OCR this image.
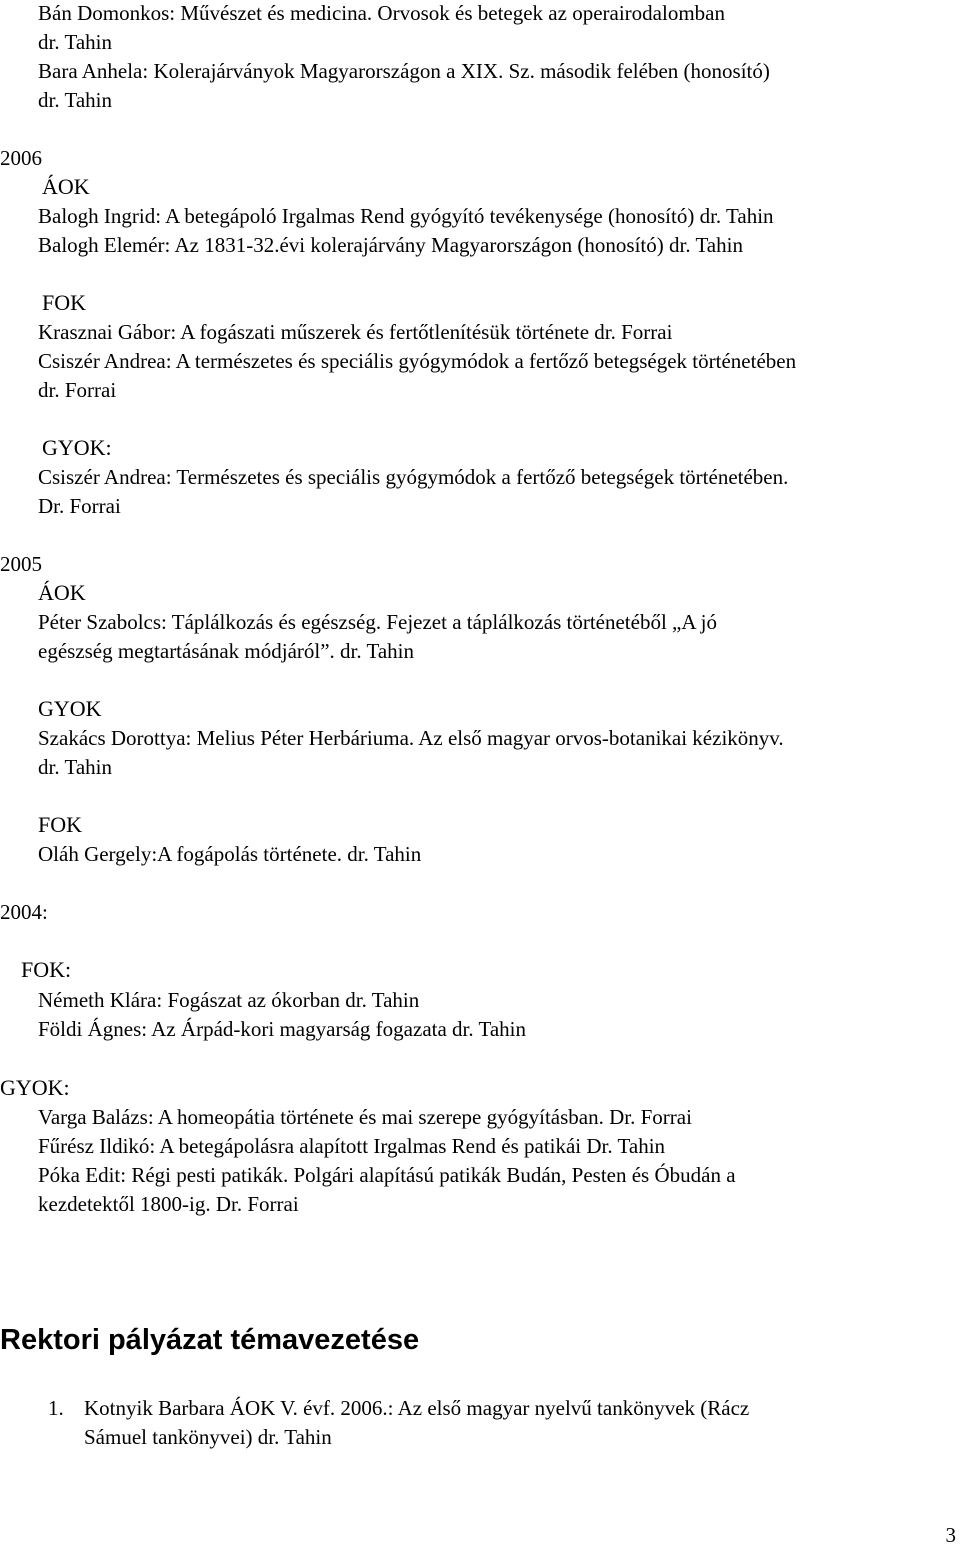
Bán Domonkos: Művészet és medicina. Orvosok és betegek az operairodalomban
dr. Tahin
Bara Anhela: Kolerajárványok Magyarországon a XIX. Sz. második felében (honosító)
dr. Tahin
2006
ÁOK
Balogh Ingrid: A betegápoló Irgalmas Rend gyógyító tevékenysége (honosító) dr. Tahin
Balogh Elemér: Az 1831-32.évi kolerajárvány Magyarországon (honosító) dr. Tahin
FOK
Krasznai Gábor: A fogászati műszerek és fertőtlenítésük története dr. Forrai
Csiszér Andrea: A természetes és speciális gyógymódok a fertőző betegségek történetében
dr. Forrai
GYOK:
Csiszér Andrea: Természetes és speciális gyógymódok a fertőző betegségek történetében.
Dr. Forrai
2005
ÁOK
Péter Szabolcs: Táplálkozás és egészség. Fejezet a táplálkozás történetéből „A jó
egészség megtartásának módjáról”. dr. Tahin
GYOK
Szakács Dorottya: Melius Péter Herbáriuma. Az első magyar orvos-botanikai kézikönyv.
dr. Tahin
FOK
Oláh Gergely:A fogápolás története. dr. Tahin
2004:
FOK:
Németh Klára: Fogászat az ókorban dr. Tahin
Földi Ágnes: Az Árpád-kori magyarság fogazata dr. Tahin
GYOK:
Varga Balázs: A homeopátia története és mai szerepe gyógyításban. Dr. Forrai
Fűrész Ildikó: A betegápolásra alapított Irgalmas Rend és patikái Dr. Tahin
Póka Edit: Régi pesti patikák. Polgári alapítású patikák Budán, Pesten és Óbudán a
kezdetektől 1800-ig. Dr. Forrai
Rektori pályázat témavezetése
1. Kotnyik Barbara ÁOK V. évf. 2006.: Az első magyar nyelvű tankönyvek (Rácz
Sámuel tankönyvei) dr. Tahin
3
